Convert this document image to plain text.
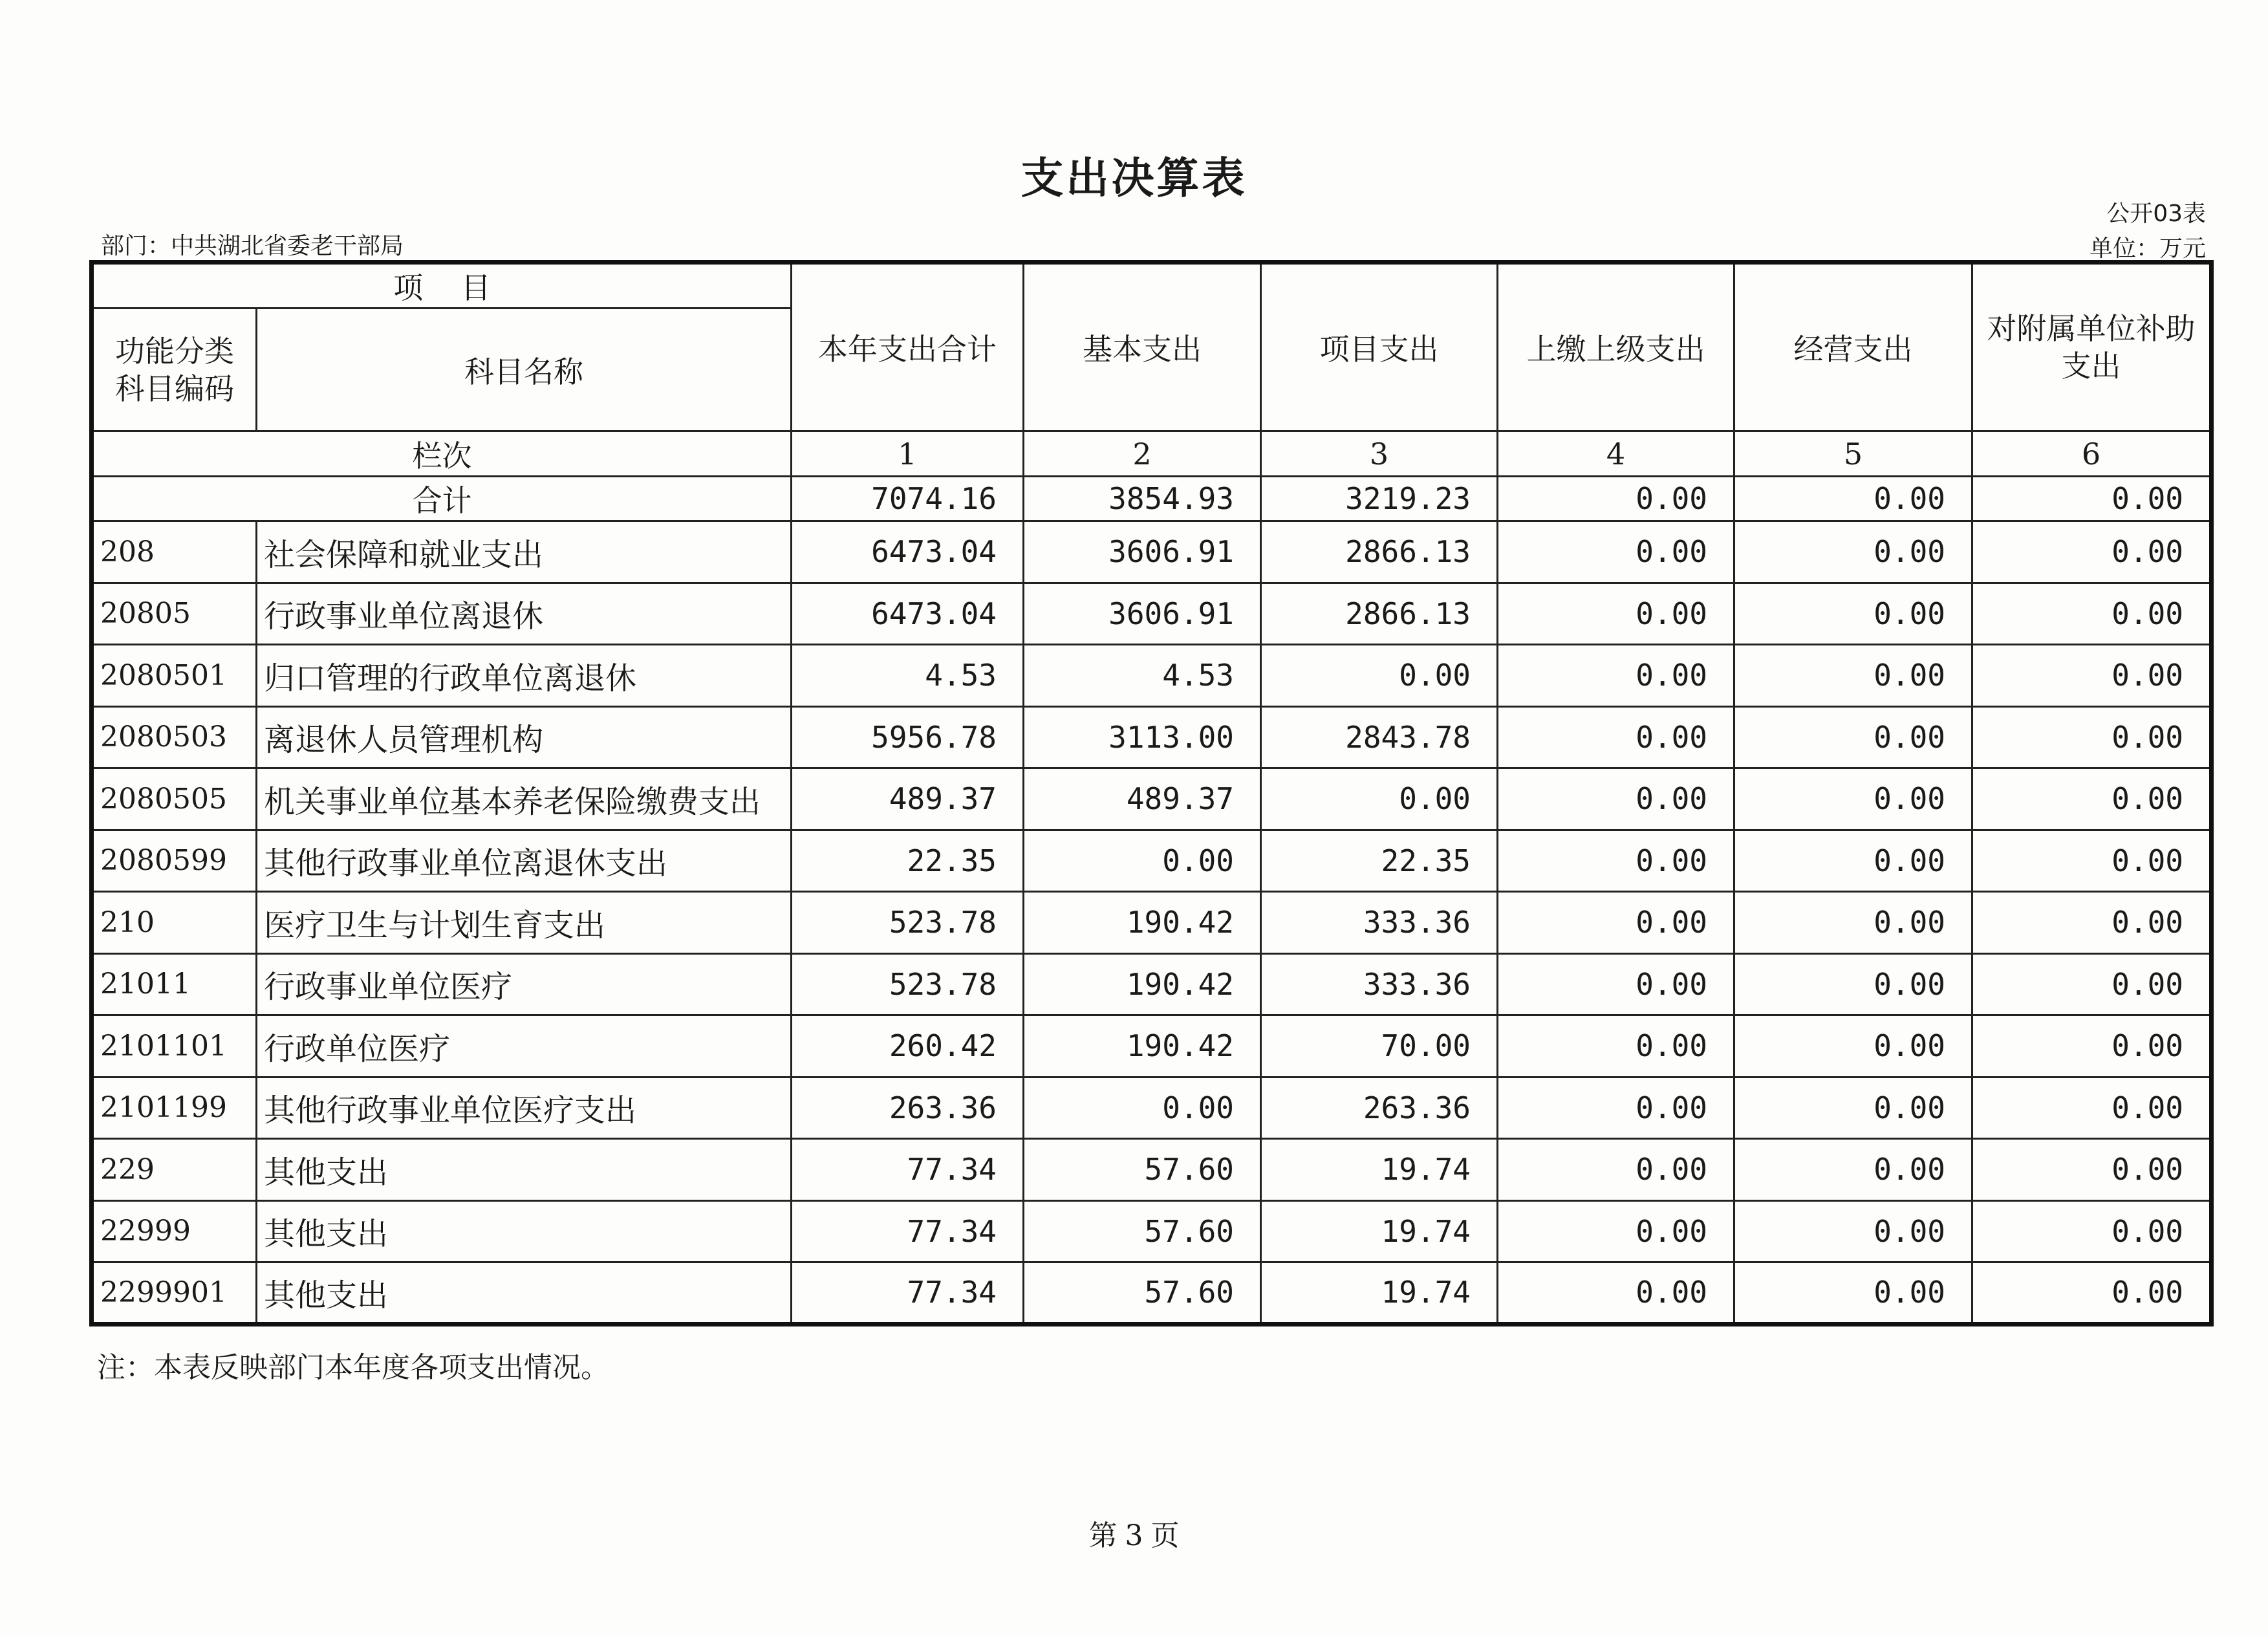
支出决算表
公开03表
部门：中共湖北省委老干部局	单位：万元
项    目		本年支出合计	基本支出	项目支出	上缴上级支出	经营支出	对附属单位补助支出
功能分类科目编码	科目名称						
栏次		1	2	3	4	5	6
合计		7074.16	3854.93	3219.23	0.00	0.00	0.00
208	社会保障和就业支出	6473.04	3606.91	2866.13	0.00	0.00	0.00
20805	行政事业单位离退休	6473.04	3606.91	2866.13	0.00	0.00	0.00
2080501	归口管理的行政单位离退休	4.53	4.53	0.00	0.00	0.00	0.00
2080503	离退休人员管理机构	5956.78	3113.00	2843.78	0.00	0.00	0.00
2080505	机关事业单位基本养老保险缴费支出	489.37	489.37	0.00	0.00	0.00	0.00
2080599	其他行政事业单位离退休支出	22.35	0.00	22.35	0.00	0.00	0.00
210	医疗卫生与计划生育支出	523.78	190.42	333.36	0.00	0.00	0.00
21011	行政事业单位医疗	523.78	190.42	333.36	0.00	0.00	0.00
2101101	行政单位医疗	260.42	190.42	70.00	0.00	0.00	0.00
2101199	其他行政事业单位医疗支出	263.36	0.00	263.36	0.00	0.00	0.00
229	其他支出	77.34	57.60	19.74	0.00	0.00	0.00
22999	其他支出	77.34	57.60	19.74	0.00	0.00	0.00
2299901	其他支出	77.34	57.60	19.74	0.00	0.00	0.00
注：本表反映部门本年度各项支出情况。
第 3 页
